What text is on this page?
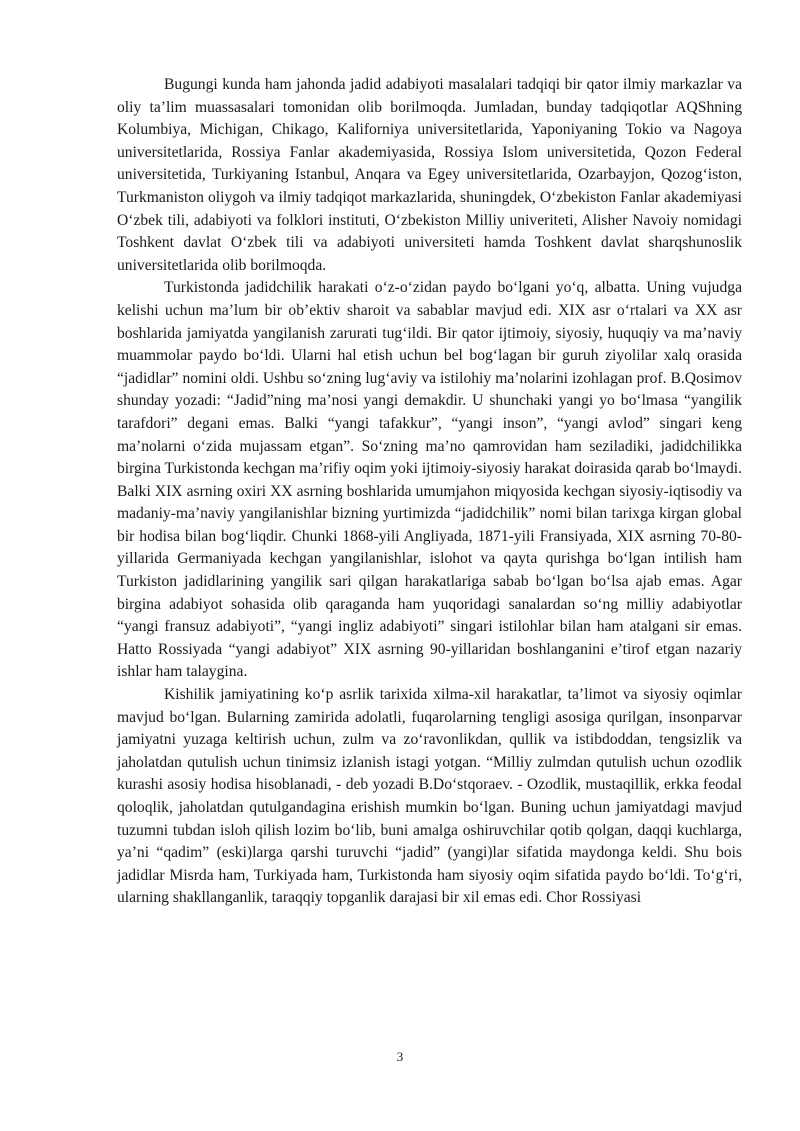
Bugungi kunda ham jahonda jadid adabiyoti masalalari tadqiqi bir qator ilmiy markazlar va oliy ta’lim muassasalari tomonidan olib borilmoqda. Jumladan, bunday tadqiqotlar AQShning Kolumbiya, Michigan, Chikago, Kaliforniya universitetlarida, Yaponiyaning Tokio va Nagoya universitetlarida, Rossiya Fanlar akademiyasida, Rossiya Islom universitetida, Qozon Federal universitetida, Turkiyaning Istanbul, Anqara va Egey universitetlarida, Ozarbayjon, Qozog‘iston, Turkmaniston oliygoh va ilmiy tadqiqot markazlarida, shuningdek, O‘zbekiston Fanlar akademiyasi O‘zbek tili, adabiyoti va folklori instituti, O‘zbekiston Milliy univeriteti, Alisher Navoiy nomidagi Toshkent davlat O‘zbek tili va adabiyoti universiteti hamda Toshkent davlat sharqshunoslik universitetlarida olib borilmoqda.

Turkistonda jadidchilik harakati o‘z-o‘zidan paydo bo‘lgani yo‘q, albatta. Uning vujudga kelishi uchun ma’lum bir ob’ektiv sharoit va sabablar mavjud edi. XIX asr o‘rtalari va XX asr boshlarida jamiyatda yangilanish zarurati tug‘ildi. Bir qator ijtimoiy, siyosiy, huquqiy va ma’naviy muammolar paydo bo‘ldi. Ularni hal etish uchun bel bog‘lagan bir guruh ziyolilar xalq orasida “jadidlar” nomini oldi. Ushbu so‘zning lug‘aviy va istilohiy ma’nolarini izohlagan prof. B.Qosimov shunday yozadi: “Jadid”ning ma’nosi yangi demakdir. U shunchaki yangi yo bo‘lmasa “yangilik tarafdori” degani emas. Balki “yangi tafakkur”, “yangi inson”, “yangi avlod” singari keng ma’nolarni o‘zida mujassam etgan”. So‘zning ma’no qamrovidan ham seziladiki, jadidchilikka birgina Turkistonda kechgan ma’rifiy oqim yoki ijtimoiy-siyosiy harakat doirasida qarab bo‘lmaydi. Balki XIX asrning oxiri XX asrning boshlarida umumjahon miqyosida kechgan siyosiy-iqtisodiy va madaniy-ma’naviy yangilanishlar bizning yurtimizda “jadidchilik” nomi bilan tarixga kirgan global bir hodisa bilan bog‘liqdir. Chunki 1868-yili Angliyada, 1871-yili Fransiyada, XIX asrning 70-80-yillarida Germaniyada kechgan yangilanishlar, islohot va qayta qurishga bo‘lgan intilish ham Turkiston jadidlarining yangilik sari qilgan harakatlariga sabab bo‘lgan bo‘lsa ajab emas. Agar birgina adabiyot sohasida olib qaraganda ham yuqoridagi sanalardan so‘ng milliy adabiyotlar “yangi fransuz adabiyoti”, “yangi ingliz adabiyoti” singari istilohlar bilan ham atalgani sir emas. Hatto Rossiyada “yangi adabiyot” XIX asrning 90-yillaridan boshlanganini e’tirof etgan nazariy ishlar ham talaygina.

Kishilik jamiyatining ko‘p asrlik tarixida xilma-xil harakatlar, ta’limot va siyosiy oqimlar mavjud bo‘lgan. Bularning zamirida adolatli, fuqarolarning tengligi asosiga qurilgan, insonparvar jamiyatni yuzaga keltirish uchun, zulm va zo‘ravonlikdan, qullik va istibdoddan, tengsizlik va jaholatdan qutulish uchun tinimsiz izlanish istagi yotgan. “Milliy zulmdan qutulish uchun ozodlik kurashi asosiy hodisa hisoblanadi, - deb yozadi B.Do‘stqoraev. - Ozodlik, mustaqillik, erkka feodal qoloqlik, jaholatdan qutulgandagina erishish mumkin bo‘lgan. Buning uchun jamiyatdagi mavjud tuzumni tubdan isloh qilish lozim bo‘lib, buni amalga oshiruvchilar qotib qolgan, daqqi kuchlarga, ya’ni “qadim” (eski)larga qarshi turuvchi “jadid” (yangi)lar sifatida maydonga keldi. Shu bois jadidlar Misrda ham, Turkiyada ham, Turkistonda ham siyosiy oqim sifatida paydo bo‘ldi. To‘g‘ri, ularning shakllanganlik, taraqqiy topganlik darajasi bir xil emas edi. Chor Rossiyasi

3
